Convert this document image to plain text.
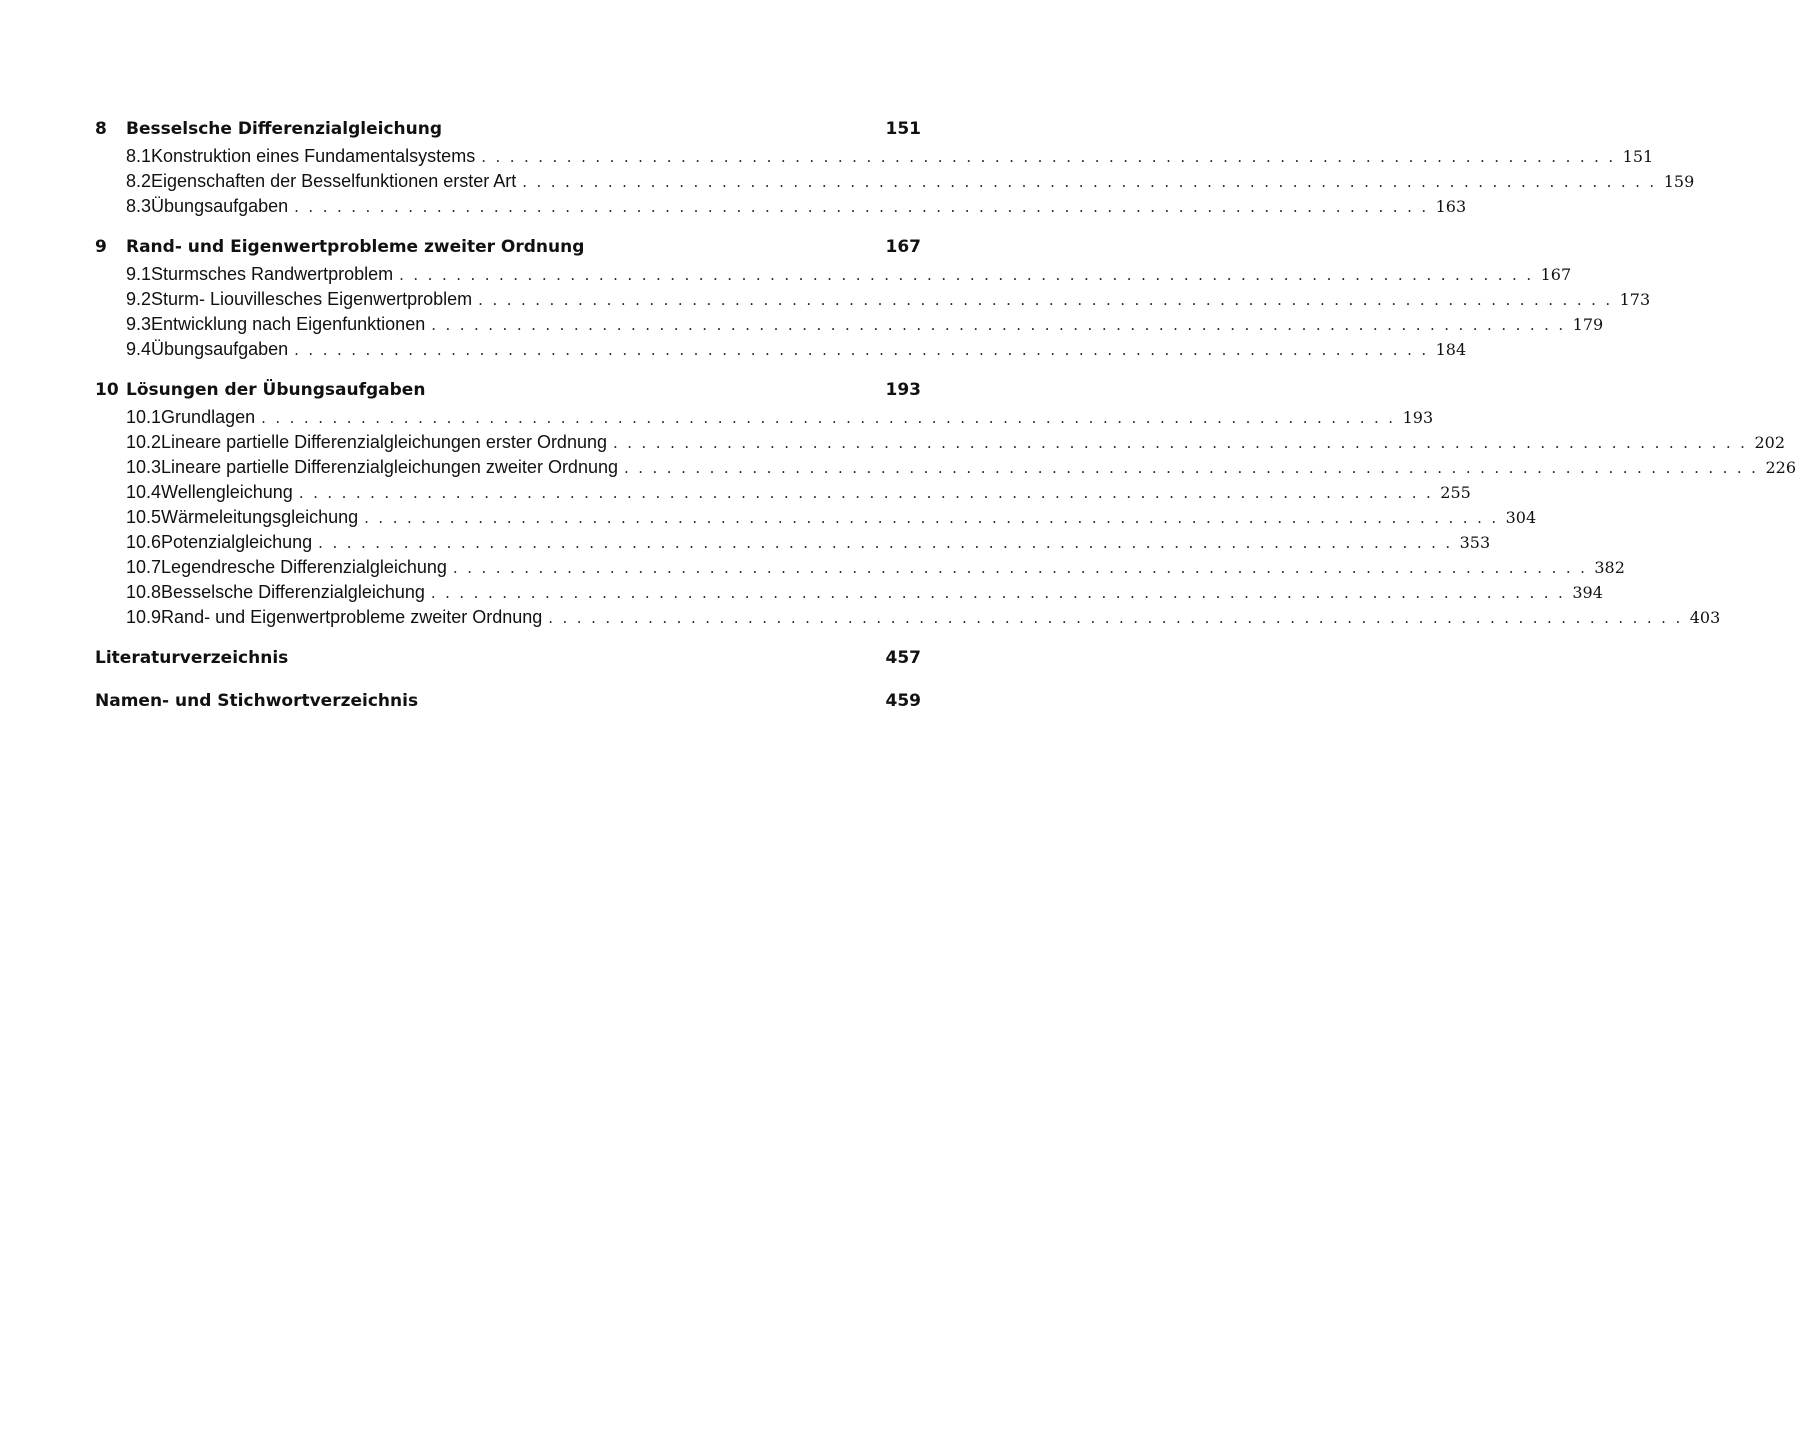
8	Besselsche Differenzialgleichung	151
8.1 Konstruktion eines Fundamentalsystems ................................................................................ 151
8.2 Eigenschaften der Besselfunktionen erster Art ................................................................................ 159
8.3 Übungsaufgaben ................................................................................ 163
9	Rand- und Eigenwertprobleme zweiter Ordnung	167
9.1 Sturmsches Randwertproblem ................................................................................ 167
9.2 Sturm- Liouvillesches Eigenwertproblem ................................................................................ 173
9.3 Entwicklung nach Eigenfunktionen ................................................................................ 179
9.4 Übungsaufgaben ................................................................................ 184
10 Lösungen der Übungsaufgaben	193
10.1 Grundlagen ................................................................................ 193
10.2 Lineare partielle Differenzialgleichungen erster Ordnung ................................................................................ 202
10.3 Lineare partielle Differenzialgleichungen zweiter Ordnung ................................................................................ 226
10.4 Wellengleichung ................................................................................ 255
10.5 Wärmeleitungsgleichung ................................................................................ 304
10.6 Potenzialgleichung ................................................................................ 353
10.7 Legendresche Differenzialgleichung ................................................................................ 382
10.8 Besselsche Differenzialgleichung ................................................................................ 394
10.9 Rand- und Eigenwertprobleme zweiter Ordnung ................................................................................ 403
Literaturverzeichnis	457
Namen- und Stichwortverzeichnis	459
